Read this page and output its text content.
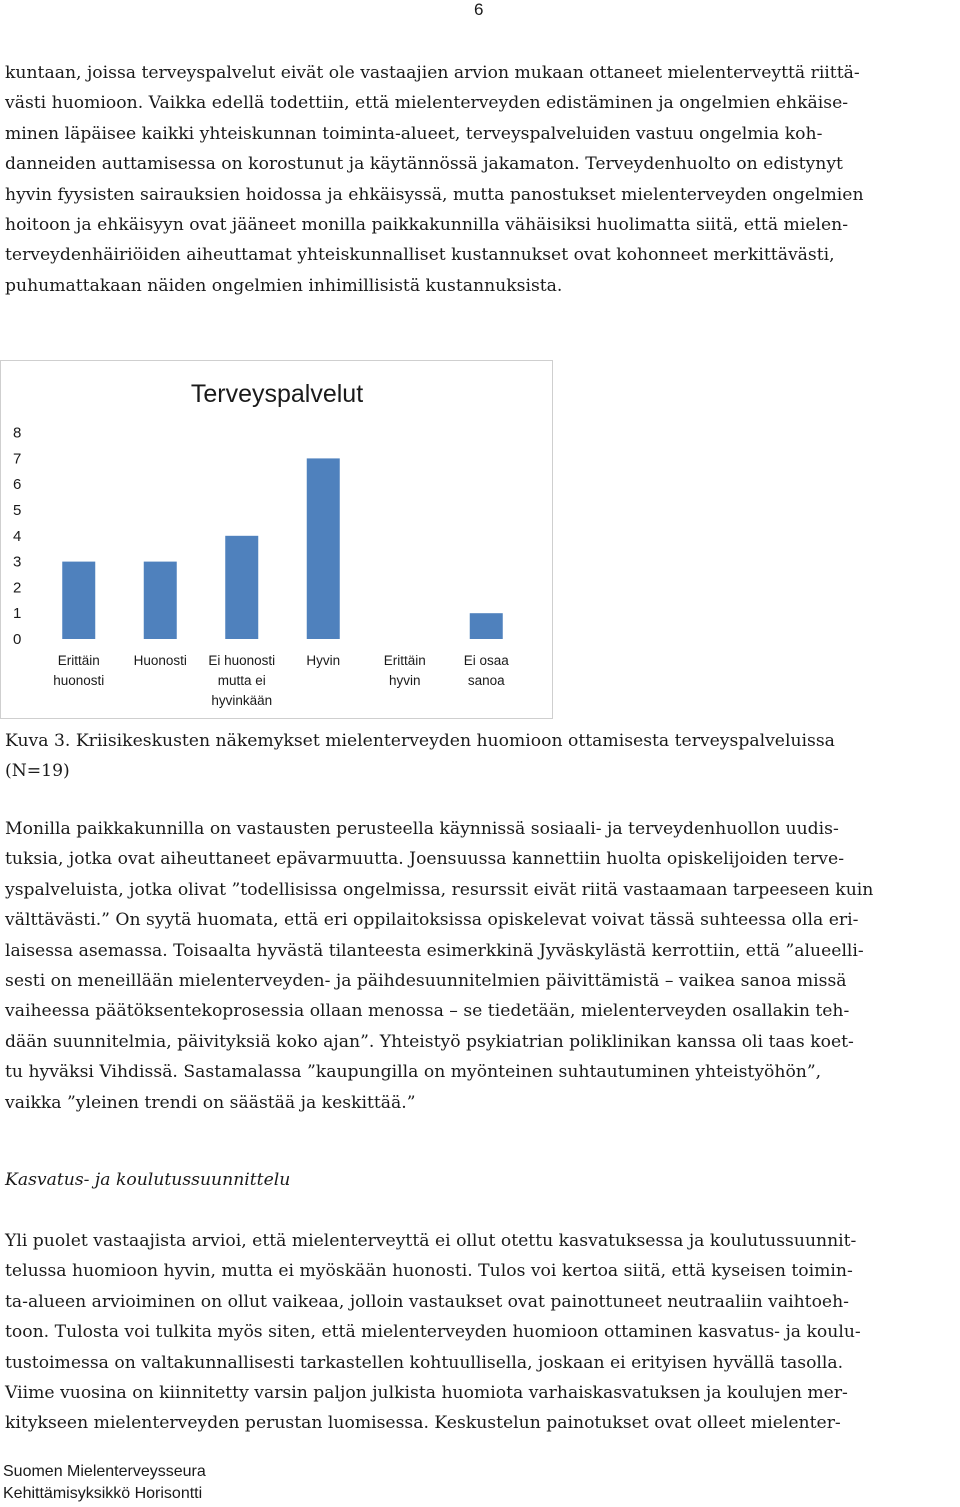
6
kuntaan, joissa terveyspalvelut eivät ole vastaajien arvion mukaan ottaneet mielenterveyttä riittä-
västi huomioon. Vaikka edellä todettiin, että mielenterveyden edistäminen ja ongelmien ehkäise-
minen läpäisee kaikki yhteiskunnan toiminta-alueet, terveyspalveluiden vastuu ongelmia koh-
danneiden auttamisessa on korostunut ja käytännössä jakamaton. Terveydenhuolto on edistynyt
hyvin fyysisten sairauksien hoidossa ja ehkäisyssä, mutta panostukset mielenterveyden ongelmien
hoitoon ja ehkäisyyn ovat jääneet monilla paikkakunnilla vähäisiksi huolimatta siitä, että mielen-
terveydenhäiriöiden aiheuttamat yhteiskunnalliset kustannukset ovat kohonneet merkittävästi,
puhumattakaan näiden ongelmien inhimillisistä kustannuksista.
Terveyspalvelut
0
1
2
3
4
5
6
7
8
Erittäin
huonosti
Huonosti Ei huonosti
mutta ei
hyvinkään
Hyvin	Erittäin
hyvin
Ei osaa
sanoa
Kuva 3. Kriisikeskusten näkemykset mielenterveyden huomioon ottamisesta terveyspalveluissa
(N=19)
Monilla paikkakunnilla on vastausten perusteella käynnissä sosiaali- ja terveydenhuollon uudis-
tuksia, jotka ovat aiheuttaneet epävarmuutta. Joensuussa kannettiin huolta opiskelijoiden terve-
yspalveluista, jotka olivat ”todellisissa ongelmissa, resurssit eivät riitä vastaamaan tarpeeseen kuin
välttävästi.” On syytä huomata, että eri oppilaitoksissa opiskelevat voivat tässä suhteessa olla eri-
laisessa asemassa. Toisaalta hyvästä tilanteesta esimerkkinä Jyväskylästä kerrottiin, että ”alueelli-
sesti on meneillään mielenterveyden- ja päihdesuunnitelmien päivittämistä – vaikea sanoa missä
vaiheessa päätöksentekoprosessia ollaan menossa – se tiedetään, mielenterveyden osallakin teh-
dään suunnitelmia, päivityksiä koko ajan”. Yhteistyö psykiatrian poliklinikan kanssa oli taas koet-
tu hyväksi Vihdissä. Sastamalassa ”kaupungilla on myönteinen suhtautuminen yhteistyöhön”,
vaikka ”yleinen trendi on säästää ja keskittää.”
Kasvatus- ja koulutussuunnittelu
Yli puolet vastaajista arvioi, että mielenterveyttä ei ollut otettu kasvatuksessa ja koulutussuunnit-
telussa huomioon hyvin, mutta ei myöskään huonosti. Tulos voi kertoa siitä, että kyseisen toimin-
ta-alueen arvioiminen on ollut vaikeaa, jolloin vastaukset ovat painottuneet neutraaliin vaihtoeh-
toon. Tulosta voi tulkita myös siten, että mielenterveyden huomioon ottaminen kasvatus- ja koulu-
tustoimessa on valtakunnallisesti tarkastellen kohtuullisella, joskaan ei erityisen hyvällä tasolla.
Viime vuosina on kiinnitetty varsin paljon julkista huomiota varhaiskasvatuksen ja koulujen mer-
kitykseen mielenterveyden perustan luomisessa. Keskustelun painotukset ovat olleet mielenter-
Suomen Mielenterveysseura
Kehittämisyksikkö Horisontti
